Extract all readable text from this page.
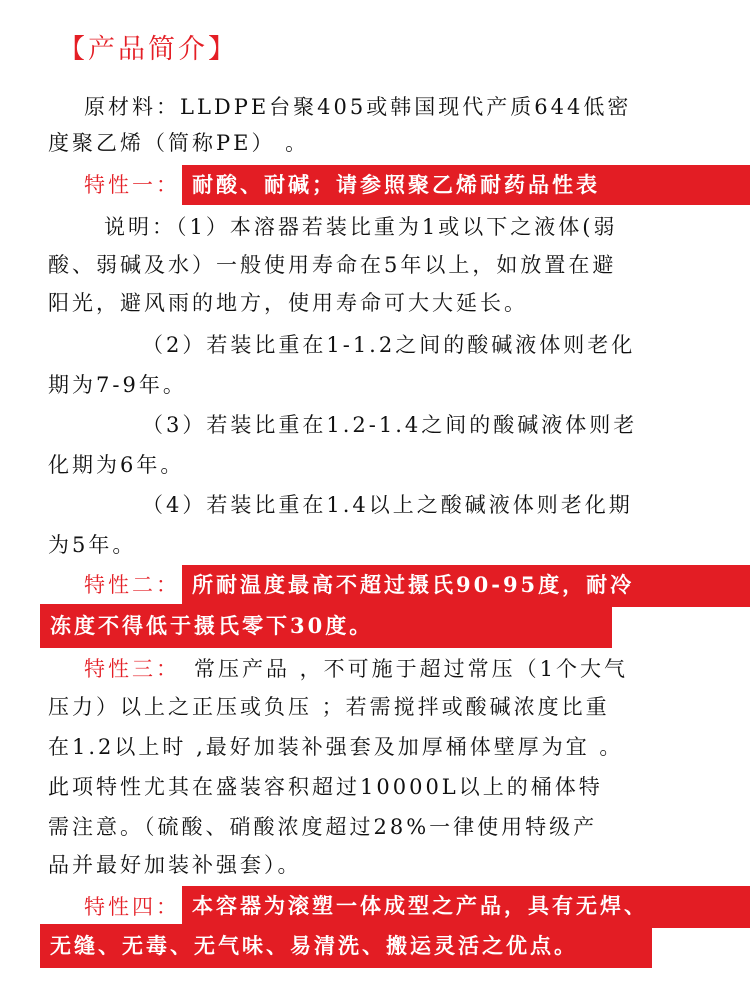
【产品简介】
原材料：LLDPE台聚405或韩国现代产质644低密
度聚乙烯（简称PE） 。
特性一： 耐酸、耐碱；请参照聚乙烯耐药品性表
说明：（1）本溶器若装比重为1或以下之液体(弱
酸、弱碱及水）一般使用寿命在5年以上，如放置在避
阳光，避风雨的地方，使用寿命可大大延长。
（2）若装比重在1-1.2之间的酸碱液体则老化
期为7-9年。
（3）若装比重在1.2-1.4之间的酸碱液体则老
化期为6年。
（4）若装比重在1.4以上之酸碱液体则老化期
为5年。
特性二： 所耐温度最高不超过摄氏90-95度，耐冷
冻度不得低于摄氏零下30度。
特性三： 常压产品 ，不可施于超过常压（1个大气
压力）以上之正压或负压 ；若需搅拌或酸碱浓度比重
在1.2以上时 ,最好加装补强套及加厚桶体壁厚为宜 。
此项特性尤其在盛装容积超过10000L以上的桶体特
需注意。（硫酸、硝酸浓度超过28%一律使用特级产
品并最好加装补强套）。
特性四： 本容器为滚塑一体成型之产品，具有无焊、
无缝、无毒、无气味、易清洗、搬运灵活之优点。
